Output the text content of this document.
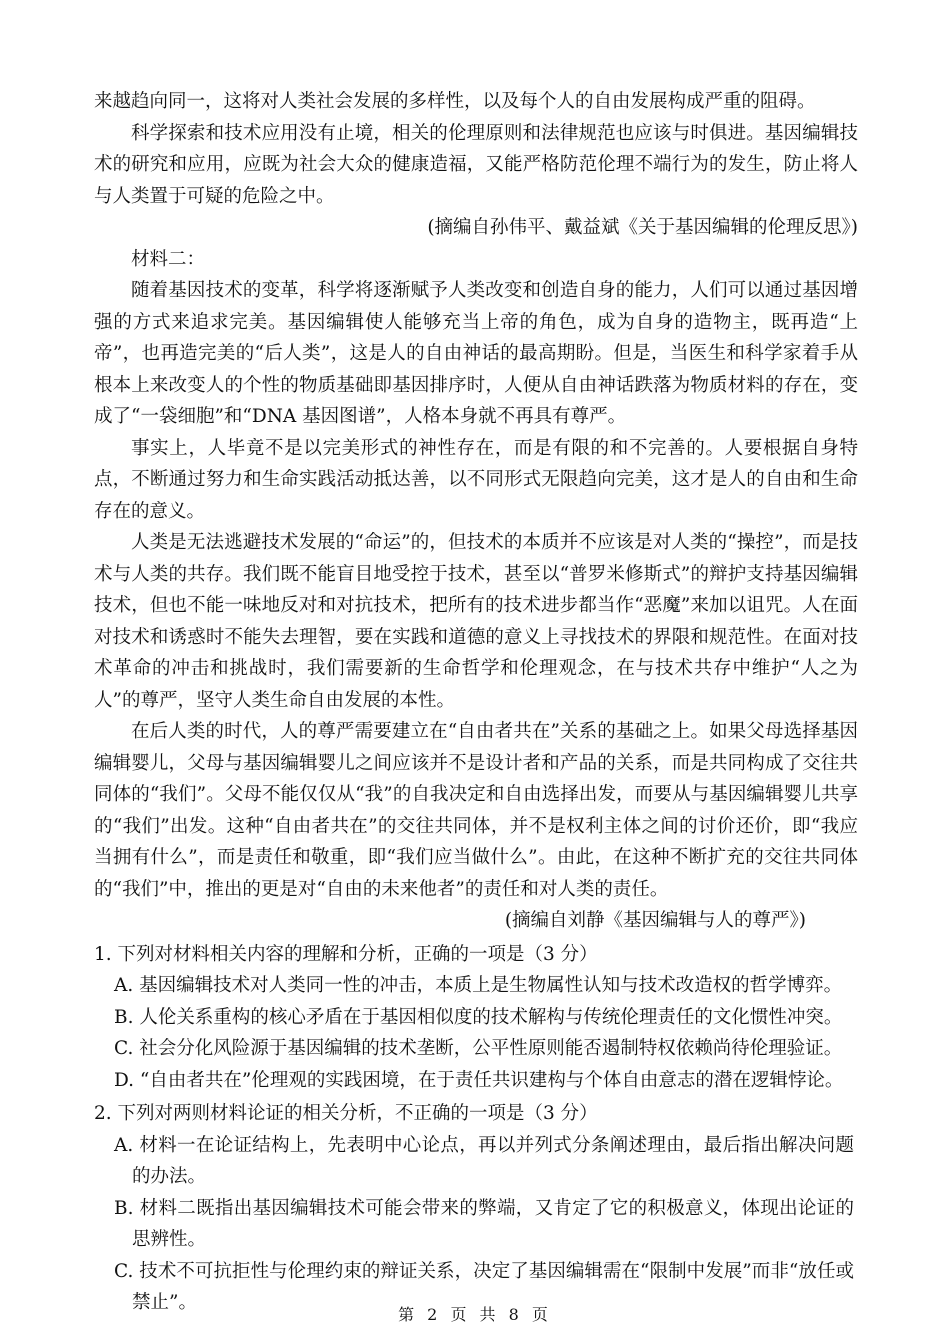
来越趋向同一，这将对人类社会发展的多样性，以及每个人的自由发展构成严重的阻碍。

科学探索和技术应用没有止境，相关的伦理原则和法律规范也应该与时俱进。基因编辑技术的研究和应用，应既为社会大众的健康造福，又能严格防范伦理不端行为的发生，防止将人与人类置于可疑的危险之中。

(摘编自孙伟平、戴益斌《关于基因编辑的伦理反思》)

材料二：

随着基因技术的变革，科学将逐渐赋予人类改变和创造自身的能力，人们可以通过基因增强的方式来追求完美。基因编辑使人能够充当上帝的角色，成为自身的造物主，既再造“上帝”，也再造完美的“后人类”，这是人的自由神话的最高期盼。但是，当医生和科学家着手从根本上来改变人的个性的物质基础即基因排序时，人便从自由神话跌落为物质材料的存在，变成了“一袋细胞”和“DNA 基因图谱”，人格本身就不再具有尊严。

事实上，人毕竟不是以完美形式的神性存在，而是有限的和不完善的。人要根据自身特点，不断通过努力和生命实践活动抵达善，以不同形式无限趋向完美，这才是人的自由和生命存在的意义。

人类是无法逃避技术发展的“命运”的，但技术的本质并不应该是对人类的“操控”，而是技术与人类的共存。我们既不能盲目地受控于技术，甚至以“普罗米修斯式”的辩护支持基因编辑技术，但也不能一味地反对和对抗技术，把所有的技术进步都当作“恶魔”来加以诅咒。人在面对技术和诱惑时不能失去理智，要在实践和道德的意义上寻找技术的界限和规范性。在面对技术革命的冲击和挑战时，我们需要新的生命哲学和伦理观念，在与技术共存中维护“人之为人”的尊严，坚守人类生命自由发展的本性。

在后人类的时代，人的尊严需要建立在“自由者共在”关系的基础之上。如果父母选择基因编辑婴儿，父母与基因编辑婴儿之间应该并不是设计者和产品的关系，而是共同构成了交往共同体的“我们”。父母不能仅仅从“我”的自我决定和自由选择出发，而要从与基因编辑婴儿共享的“我们”出发。这种“自由者共在”的交往共同体，并不是权利主体之间的讨价还价，即“我应当拥有什么”，而是责任和敬重，即“我们应当做什么”。由此，在这种不断扩充的交往共同体的“我们”中，推出的更是对“自由的未来他者”的责任和对人类的责任。

(摘编自刘静《基因编辑与人的尊严》)

1. 下列对材料相关内容的理解和分析，正确的一项是（3 分）

A. 基因编辑技术对人类同一性的冲击，本质上是生物属性认知与技术改造权的哲学博弈。

B. 人伦关系重构的核心矛盾在于基因相似度的技术解构与传统伦理责任的文化惯性冲突。

C. 社会分化风险源于基因编辑的技术垄断，公平性原则能否遏制特权依赖尚待伦理验证。

D. “自由者共在”伦理观的实践困境，在于责任共识建构与个体自由意志的潜在逻辑悖论。

2. 下列对两则材料论证的相关分析，不正确的一项是（3 分）

A. 材料一在论证结构上，先表明中心论点，再以并列式分条阐述理由，最后指出解决问题的办法。

B. 材料二既指出基因编辑技术可能会带来的弊端，又肯定了它的积极意义，体现出论证的思辨性。

C. 技术不可抗拒性与伦理约束的辩证关系，决定了基因编辑需在“限制中发展”而非“放任或禁止”。

第 2 页 共 8 页
